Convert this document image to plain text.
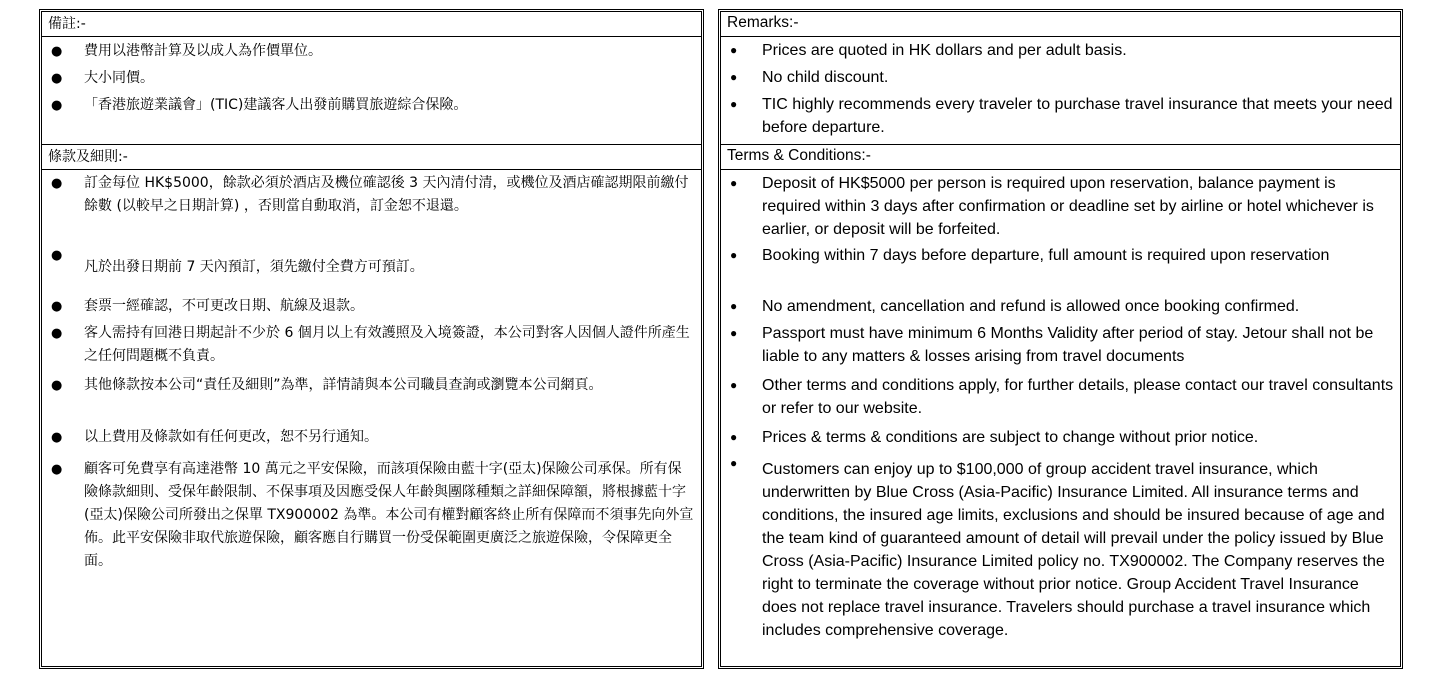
備註:-
● 費用以港幣計算及以成人為作價單位。
● 大小同價。
● 「香港旅遊業議會」(TIC)建議客人出發前購買旅遊綜合保險。
條款及細則:-
● 訂金每位 HK$5000，餘款必須於酒店及機位確認後 3 天內清付清，或機位及酒店確認期限前繳付餘數 (以較早之日期計算) ，否則當自動取消，訂金恕不退還。
●
凡於出發日期前 7 天內預訂，須先繳付全費方可預訂。
● 套票一經確認，不可更改日期、航線及退款。
● 客人需持有回港日期起計不少於 6 個月以上有效護照及入境簽證，本公司對客人因個人證件所產生之任何問題概不負責。
● 其他條款按本公司“責任及細則”為準，詳情請與本公司職員查詢或瀏覽本公司網頁。
● 以上費用及條款如有任何更改，恕不另行通知。
● 顧客可免費享有高達港幣 10 萬元之平安保險，而該項保險由藍十字(亞太)保險公司承保。所有保險條款細則、受保年齡限制、不保事項及因應受保人年齡與團隊種類之詳細保障額，將根據藍十字(亞太)保險公司所發出之保單 TX900002 為準。本公司有權對顧客終止所有保障而不須事先向外宣佈。此平安保險非取代旅遊保險，顧客應自行購買一份受保範圍更廣泛之旅遊保險，令保障更全面。
Remarks:-
● Prices are quoted in HK dollars and per adult basis.
● No child discount.
● TIC highly recommends every traveler to purchase travel insurance that meets your need before departure.
Terms & Conditions:-
● Deposit of HK$5000 per person is required upon reservation, balance payment is required within 3 days after confirmation or deadline set by airline or hotel whichever is earlier, or deposit will be forfeited.
● Booking within 7 days before departure, full amount is required upon reservation
● No amendment, cancellation and refund is allowed once booking confirmed.
● Passport must have minimum 6 Months Validity after period of stay. Jetour shall not be liable to any matters & losses arising from travel documents
● Other terms and conditions apply, for further details, please contact our travel consultants or refer to our website.
● Prices & terms & conditions are subject to change without prior notice.
● Customers can enjoy up to $100,000 of group accident travel insurance, which underwritten by Blue Cross (Asia-Pacific) Insurance Limited. All insurance terms and conditions, the insured age limits, exclusions and should be insured because of age and the team kind of guaranteed amount of detail will prevail under the policy issued by Blue Cross (Asia-Pacific) Insurance Limited policy no. TX900002. The Company reserves the right to terminate the coverage without prior notice. Group Accident Travel Insurance does not replace travel insurance. Travelers should purchase a travel insurance which includes comprehensive coverage.
